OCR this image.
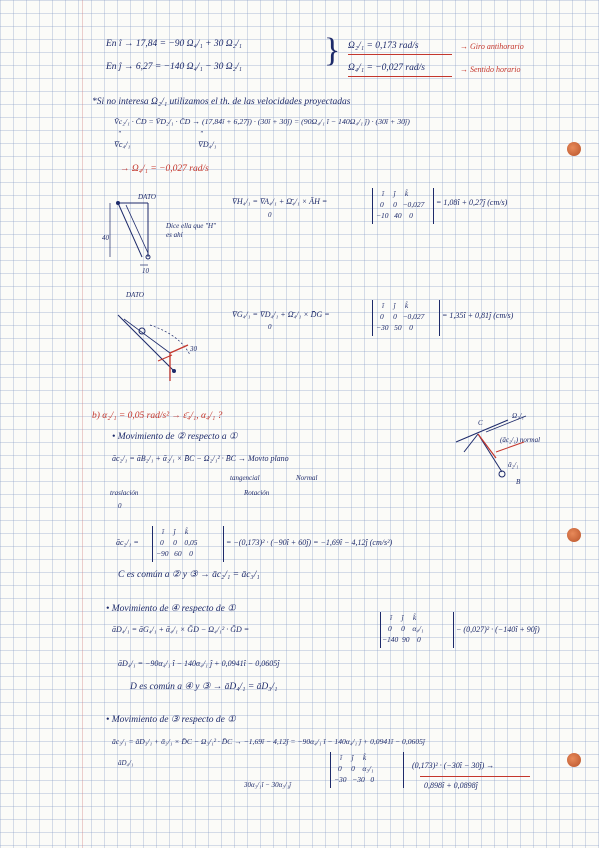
En î → 17,84 = −90 Ω₄/₁ + 30 Ω₂/₁
En ĵ → 6,27 = −140 Ω₄/₁ − 30 Ω₂/₁ } Ω₂/₁ = 0,173 rad/s	→ Giro antihorario
Ω₄/₁ = −0,027 rad/s	→ Sentido horario
*Si no interesa Ω₂/₁ utilizamos el th. de las velocidades proyectadas
V̄c₂/₁ · C̄D = V̄D₂/₁ · C̄D → (17,84î + 6,27ĵ) · (30î + 30ĵ) = (90Ω₄/₁ î − 140Ω₄/₁ ĵ) · (30î + 30ĵ)
"	"
V̄c₄/₁	V̄D₄/₁
→ Ω₄/₁ = −0,027 rad/s
DATO
40
10
Dice ella que "H" es ahí
V̄H₄/₁ = V̄A₄/₁ + Ω̄₄/₁ × ĀH =
î     ĵ     k̂
0     0   −0,027
−10   40    0
= 1,08î + 0,27ĵ (cm/s)
0
DATO
30
V̄G₄/₁ = V̄D₄/₁ + Ω̄₄/₁ × D̄G =
î     ĵ     k̂
0     0   −0,027
−30   50    0
= 1,35î + 0,81ĵ (cm/s)
0
b) α₂/₁ = 0,05 rad/s² → ε̄₄/₁, α₄/₁ ?
• Movimiento de ② respecto a ①
āc₂/₁ = āB₂/₁ + ᾱ₂/₁ × B̄C − Ω₂/₁² · B̄C → Movto plano
tangencial	Normal
traslación	Rotación
0
C
Ω₂/₁
(āc₂/₁) normal
ᾱ₂/₁
B
āc₂/₁ =
î     ĵ     k̂
0     0    0,05
−90   60    0
= −(0,173)² · (−90î + 60ĵ) = −1,69î − 4,12ĵ (cm/s²)
C es común a ② y ③ → āc₂/₁ = āc₃/₁
• Movimiento de ④ respecto de ①
āD₄/₁ = āG₄/₁ + ᾱ₄/₁ × ḠD − Ω₄/₁² · ḠD =
î     ĵ     k̂
0     0    α₄/₁
−140  90    0
− (0,027)² · (−140î + 90ĵ)
āD₄/₁ = −90α₄/₁ î − 140α₄/₁ ĵ + 0,0941î − 0,0605ĵ
D es común a ④ y ③ → āD₄/₁ = āD₃/₁
• Movimiento de ③ respecto de ①
āc₃/₁ = āD₃/₁ + ᾱ₃/₁ × D̄C − Ω₃/₁² · D̄C → −1,69î − 4,12ĵ = −90α₄/₁ î − 140α₄/₁ ĵ + 0,0941î − 0,0605ĵ
āD₄/₁
î     ĵ     k̂
0     0    α₃/₁
−30   −30   0
30α₃/₁î − 30α₃/₁ĵ
(0,173)² · (−30î − 30ĵ) →
0,898î + 0,0898ĵ
